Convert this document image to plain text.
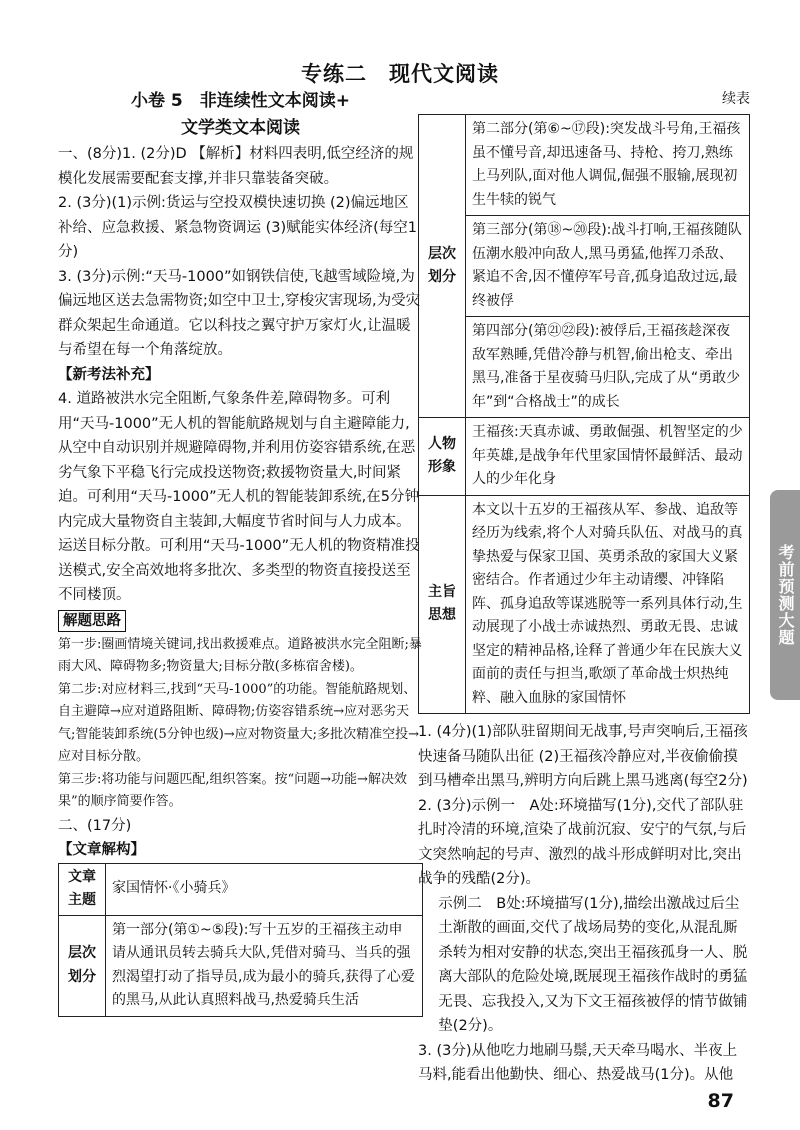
专练二　现代文阅读
小卷 5　非连续性文本阅读+
文学类文本阅读

一、(8分)1. (2分)D 【解析】材料四表明,低空经济的规模化发展需要配套支撑,并非只靠装备突破。

2. (3分)(1)示例:货运与空投双模快速切换 (2)偏远地区补给、应急救援、紧急物资调运 (3)赋能实体经济(每空1分)

3. (3分)示例:“天马-1000”如钢铁信使,飞越雪域险境,为偏远地区送去急需物资;如空中卫士,穿梭灾害现场,为受灾群众架起生命通道。它以科技之翼守护万家灯火,让温暖与希望在每一个角落绽放。

【新考法补充】

4. 道路被洪水完全阻断,气象条件差,障碍物多。可利用“天马-1000”无人机的智能航路规划与自主避障能力,从空中自动识别并规避障碍物,并利用仿姿容错系统,在恶劣气象下平稳飞行完成投送物资;救援物资量大,时间紧迫。可利用“天马-1000”无人机的智能装卸系统,在5分钟内完成大量物资自主装卸,大幅度节省时间与人力成本。运送目标分散。可利用“天马-1000”无人机的物资精准投送模式,安全高效地将多批次、多类型的物资直接投送至不同楼顶。

解题思路

第一步:圈画情境关键词,找出救援难点。道路被洪水完全阻断;暴雨大风、障碍物多;物资量大;目标分散(多栋宿舍楼)。

第二步:对应材料三,找到“天马-1000”的功能。智能航路规划、自主避障→应对道路阻断、障碍物;仿姿容错系统→应对恶劣天气;智能装卸系统(5分钟也级)→应对物资量大;多批次精准空投→应对目标分散。

第三步:将功能与问题匹配,组织答案。按“问题→功能→解决效果”的顺序简要作答。

二、(17分)

【文章解构】

文章主题	家国情怀·《小骑兵》
层次划分	第一部分(第①~⑤段):写十五岁的王福孩主动申请从通讯员转去骑兵大队,凭借对骑马、当兵的强烈渴望打动了指导员,成为最小的骑兵,获得了心爱的黑马,从此认真照料战马,热爱骑兵生活
续表
层次划分	第二部分(第⑥~⑰段):突发战斗号角,王福孩虽不懂号音,却迅速备马、持枪、挎刀,熟练上马列队,面对他人调侃,倔强不服输,展现初生牛犊的锐气
	第三部分(第⑱~⑳段):战斗打响,王福孩随队伍潮水般冲向敌人,黑马勇猛,他挥刀杀敌、紧追不舍,因不懂停军号音,孤身追敌过远,最终被俘
	第四部分(第㉑㉒段):被俘后,王福孩趁深夜敌军熟睡,凭借冷静与机智,偷出枪支、牵出黑马,准备于星夜骑马归队,完成了从“勇敢少年”到“合格战士”的成长
人物形象	王福孩:天真赤诚、勇敢倔强、机智坚定的少年英雄,是战争年代里家国情怀最鲜活、最动人的少年化身
主旨思想	本文以十五岁的王福孩从军、参战、追敌等经历为线索,将个人对骑兵队伍、对战马的真挚热爱与保家卫国、英勇杀敌的家国大义紧密结合。作者通过少年主动请缨、冲锋陷阵、孤身追敌等谋逃脱等一系列具体行动,生动展现了小战士赤诚热烈、勇敢无畏、忠诚坚定的精神品格,诠释了普通少年在民族大义面前的责任与担当,歌颂了革命战士炽热纯粹、融入血脉的家国情怀

1. (4分)(1)部队驻留期间无战事,号声突响后,王福孩快速备马随队出征 (2)王福孩冷静应对,半夜偷偷摸到马槽牵出黑马,辨明方向后跳上黑马逃离(每空2分)

2. (3分)示例一　A处:环境描写(1分),交代了部队驻扎时冷清的环境,渲染了战前沉寂、安宁的气氛,与后文突然响起的号声、激烈的战斗形成鲜明对比,突出战争的残酷(2分)。

示例二　B处:环境描写(1分),描绘出激战过后尘土渐散的画面,交代了战场局势的变化,从混乱厮杀转为相对安静的状态,突出王福孩孤身一人、脱离大部队的危险处境,既展现王福孩作战时的勇猛无畏、忘我投入,又为下文王福孩被俘的情节做铺垫(2分)。

3. (3分)从他吃力地刷马鬃,天天牵马喝水、半夜上马料,能看出他勤快、细心、热爱战马(1分)。从他

考前预测大题
87
